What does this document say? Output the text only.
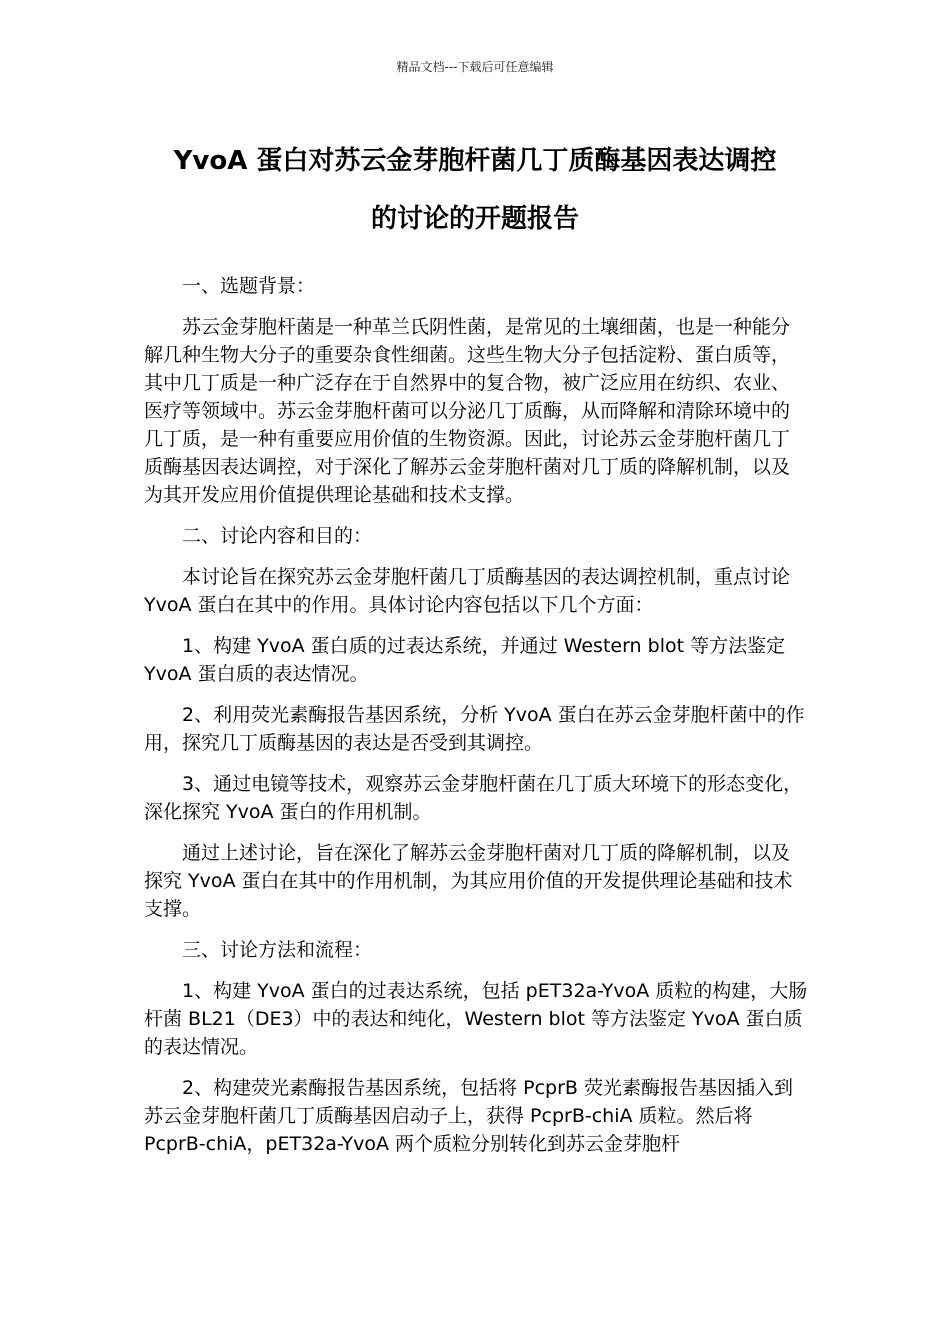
精品文档---下载后可任意编辑
YvoA 蛋白对苏云金芽胞杆菌几丁质酶基因表达调控
的讨论的开题报告

一、选题背景：

苏云金芽胞杆菌是一种革兰氏阴性菌，是常见的土壤细菌，也是一种能分解几种生物大分子的重要杂食性细菌。这些生物大分子包括淀粉、蛋白质等，其中几丁质是一种广泛存在于自然界中的复合物，被广泛应用在纺织、农业、医疗等领域中。苏云金芽胞杆菌可以分泌几丁质酶，从而降解和清除环境中的几丁质，是一种有重要应用价值的生物资源。因此，讨论苏云金芽胞杆菌几丁质酶基因表达调控，对于深化了解苏云金芽胞杆菌对几丁质的降解机制，以及为其开发应用价值提供理论基础和技术支撑。

二、讨论内容和目的：

本讨论旨在探究苏云金芽胞杆菌几丁质酶基因的表达调控机制，重点讨论 YvoA 蛋白在其中的作用。具体讨论内容包括以下几个方面：

1、构建 YvoA 蛋白质的过表达系统，并通过 Western blot 等方法鉴定 YvoA 蛋白质的表达情况。

2、利用荧光素酶报告基因系统，分析 YvoA 蛋白在苏云金芽胞杆菌中的作用，探究几丁质酶基因的表达是否受到其调控。

3、通过电镜等技术，观察苏云金芽胞杆菌在几丁质大环境下的形态变化，深化探究 YvoA 蛋白的作用机制。

通过上述讨论，旨在深化了解苏云金芽胞杆菌对几丁质的降解机制，以及探究 YvoA 蛋白在其中的作用机制，为其应用价值的开发提供理论基础和技术支撑。

三、讨论方法和流程：

1、构建 YvoA 蛋白的过表达系统，包括 pET32a-YvoA 质粒的构建，大肠杆菌 BL21（DE3）中的表达和纯化，Western blot 等方法鉴定 YvoA 蛋白质的表达情况。

2、构建荧光素酶报告基因系统，包括将 PcprB 荧光素酶报告基因插入到苏云金芽胞杆菌几丁质酶基因启动子上，获得 PcprB-chiA 质粒。然后将 PcprB-chiA，pET32a-YvoA 两个质粒分别转化到苏云金芽胞杆
